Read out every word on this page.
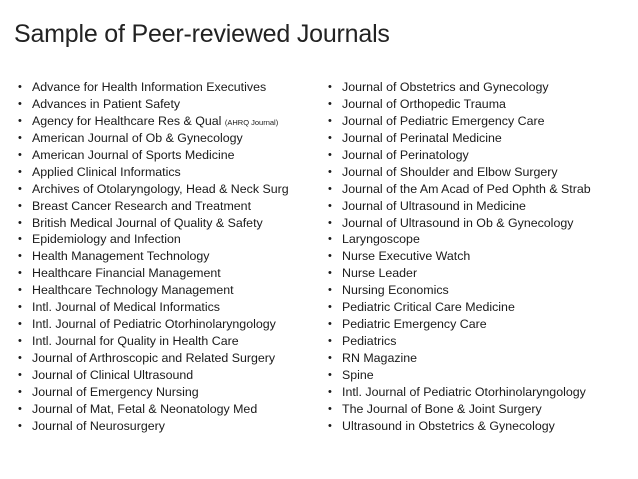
Sample of Peer-reviewed Journals
• Advance for Health Information Executives
• Advances in Patient Safety
• Agency for Healthcare Res & Qual (AHRQ Journal)
• American Journal of Ob & Gynecology
• American Journal of Sports Medicine
• Applied Clinical Informatics
• Archives of Otolaryngology, Head & Neck Surg
• Breast Cancer Research and Treatment
• British Medical Journal of Quality & Safety
• Epidemiology and Infection
• Health Management Technology
• Healthcare Financial Management
• Healthcare Technology Management
• Intl. Journal of Medical Informatics
• Intl. Journal of Pediatric Otorhinolaryngology
• Intl. Journal for Quality in Health Care
• Journal of Arthroscopic and Related Surgery
• Journal of Clinical Ultrasound
• Journal of Emergency Nursing
• Journal of Mat, Fetal & Neonatology Med
• Journal of Neurosurgery
• Journal of Obstetrics and Gynecology
• Journal of Orthopedic Trauma
• Journal of Pediatric Emergency Care
• Journal of Perinatal Medicine
• Journal of Perinatology
• Journal of Shoulder and Elbow Surgery
• Journal of the Am Acad of Ped Ophth & Strab
• Journal of Ultrasound in Medicine
• Journal of Ultrasound in Ob & Gynecology
• Laryngoscope
• Nurse Executive Watch
• Nurse Leader
• Nursing Economics
• Pediatric Critical Care Medicine
• Pediatric Emergency Care
• Pediatrics
• RN Magazine
• Spine
• Intl. Journal of Pediatric Otorhinolaryngology
• The Journal of Bone & Joint Surgery
• Ultrasound in Obstetrics & Gynecology
